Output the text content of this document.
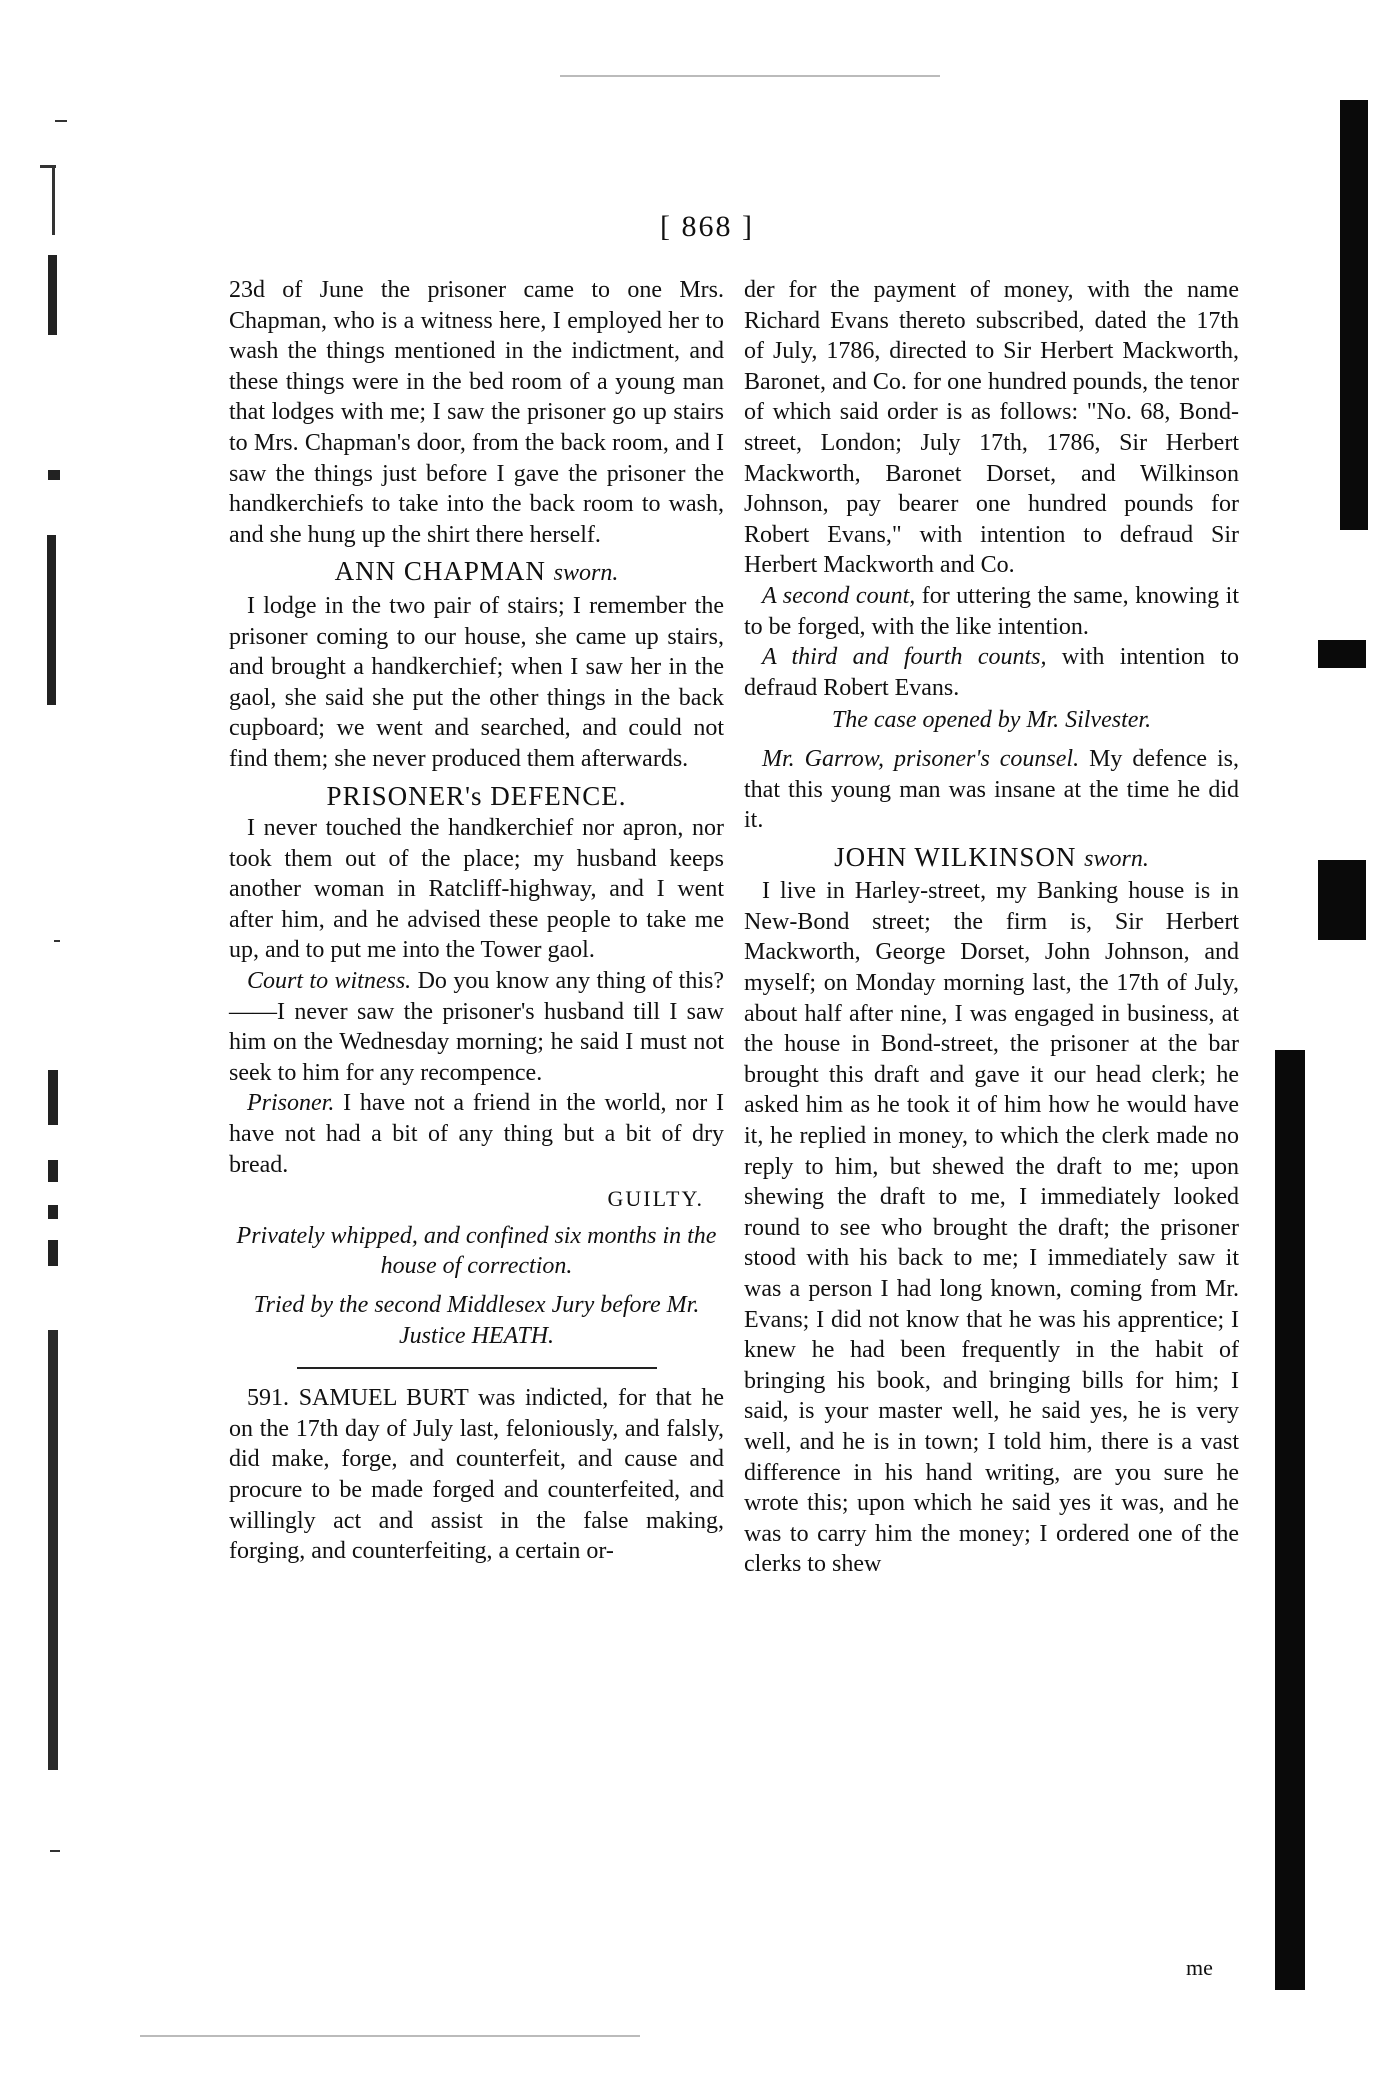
[ 868 ]

23d of June the prisoner came to one Mrs. Chapman, who is a witness here, I employed her to wash the things mentioned in the indictment, and these things were in the bed room of a young man that lodges with me; I saw the prisoner go up stairs to Mrs. Chapman's door, from the back room, and I saw the things just before I gave the prisoner the handkerchiefs to take into the back room to wash, and she hung up the shirt there herself.

ANN CHAPMAN sworn.

I lodge in the two pair of stairs; I remember the prisoner coming to our house, she came up stairs, and brought a handkerchief; when I saw her in the gaol, she said she put the other things in the back cupboard; we went and searched, and could not find them; she never produced them afterwards.

PRISONER's DEFENCE.

I never touched the handkerchief nor apron, nor took them out of the place; my husband keeps another woman in Ratcliff-highway, and I went after him, and he advised these people to take me up, and to put me into the Tower gaol.

Court to witness. Do you know any thing of this?——I never saw the prisoner's husband till I saw him on the Wednesday morning; he said I must not seek to him for any recompence.

Prisoner. I have not a friend in the world, nor I have not had a bit of any thing but a bit of dry bread.

GUILTY.
Privately whipped, and confined six months in the house of correction.
Tried by the second Middlesex Jury before Mr. Justice HEATH.

591. SAMUEL BURT was indicted, for that he on the 17th day of July last, feloniously, and falsly, did make, forge, and counterfeit, and cause and procure to be made forged and counterfeited, and willingly act and assist in the false making, forging, and counterfeiting, a certain or-

der for the payment of money, with the name Richard Evans thereto subscribed, dated the 17th of July, 1786, directed to Sir Herbert Mackworth, Baronet, and Co. for one hundred pounds, the tenor of which said order is as follows: "No. 68, Bond-street, London; July 17th, 1786, Sir Herbert Mackworth, Baronet Dorset, and Wilkinson Johnson, pay bearer one hundred pounds for Robert Evans," with intention to defraud Sir Herbert Mackworth and Co.

A second count, for uttering the same, knowing it to be forged, with the like intention.

A third and fourth counts, with intention to defraud Robert Evans.

The case opened by Mr. Silvester.

Mr. Garrow, prisoner's counsel. My defence is, that this young man was insane at the time he did it.

JOHN WILKINSON sworn.

I live in Harley-street, my Banking house is in New-Bond street; the firm is, Sir Herbert Mackworth, George Dorset, John Johnson, and myself; on Monday morning last, the 17th of July, about half after nine, I was engaged in business, at the house in Bond-street, the prisoner at the bar brought this draft and gave it our head clerk; he asked him as he took it of him how he would have it, he replied in money, to which the clerk made no reply to him, but shewed the draft to me; upon shewing the draft to me, I immediately looked round to see who brought the draft; the prisoner stood with his back to me; I immediately saw it was a person I had long known, coming from Mr. Evans; I did not know that he was his apprentice; I knew he had been frequently in the habit of bringing his book, and bringing bills for him; I said, is your master well, he said yes, he is very well, and he is in town; I told him, there is a vast difference in his hand writing, are you sure he wrote this; upon which he said yes it was, and he was to carry him the money; I ordered one of the clerks to shew

me
